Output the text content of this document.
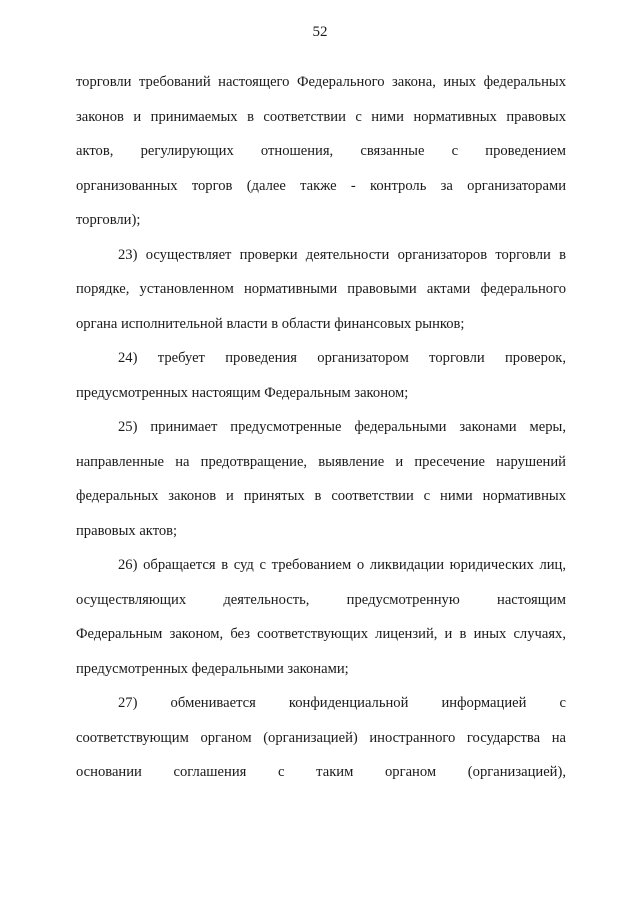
52

торговли требований настоящего Федерального закона, иных федеральных
законов и принимаемых в соответствии с ними нормативных правовых
актов, регулирующих отношения, связанные с проведением
организованных торгов (далее также - контроль за организаторами
торговли);

23) осуществляет проверки деятельности организаторов торговли в
порядке, установленном нормативными правовыми актами федерального
органа исполнительной власти в области финансовых рынков;

24) требует проведения организатором торговли проверок,
предусмотренных настоящим Федеральным законом;

25) принимает предусмотренные федеральными законами меры,
направленные на предотвращение, выявление и пресечение нарушений
федеральных законов и принятых в соответствии с ними нормативных
правовых актов;

26) обращается в суд с требованием о ликвидации юридических лиц,
осуществляющих деятельность, предусмотренную настоящим
Федеральным законом, без соответствующих лицензий, и в иных случаях,
предусмотренных федеральными законами;

27) обменивается конфиденциальной информацией с
соответствующим органом (организацией) иностранного государства на
основании соглашения с таким органом (организацией),
